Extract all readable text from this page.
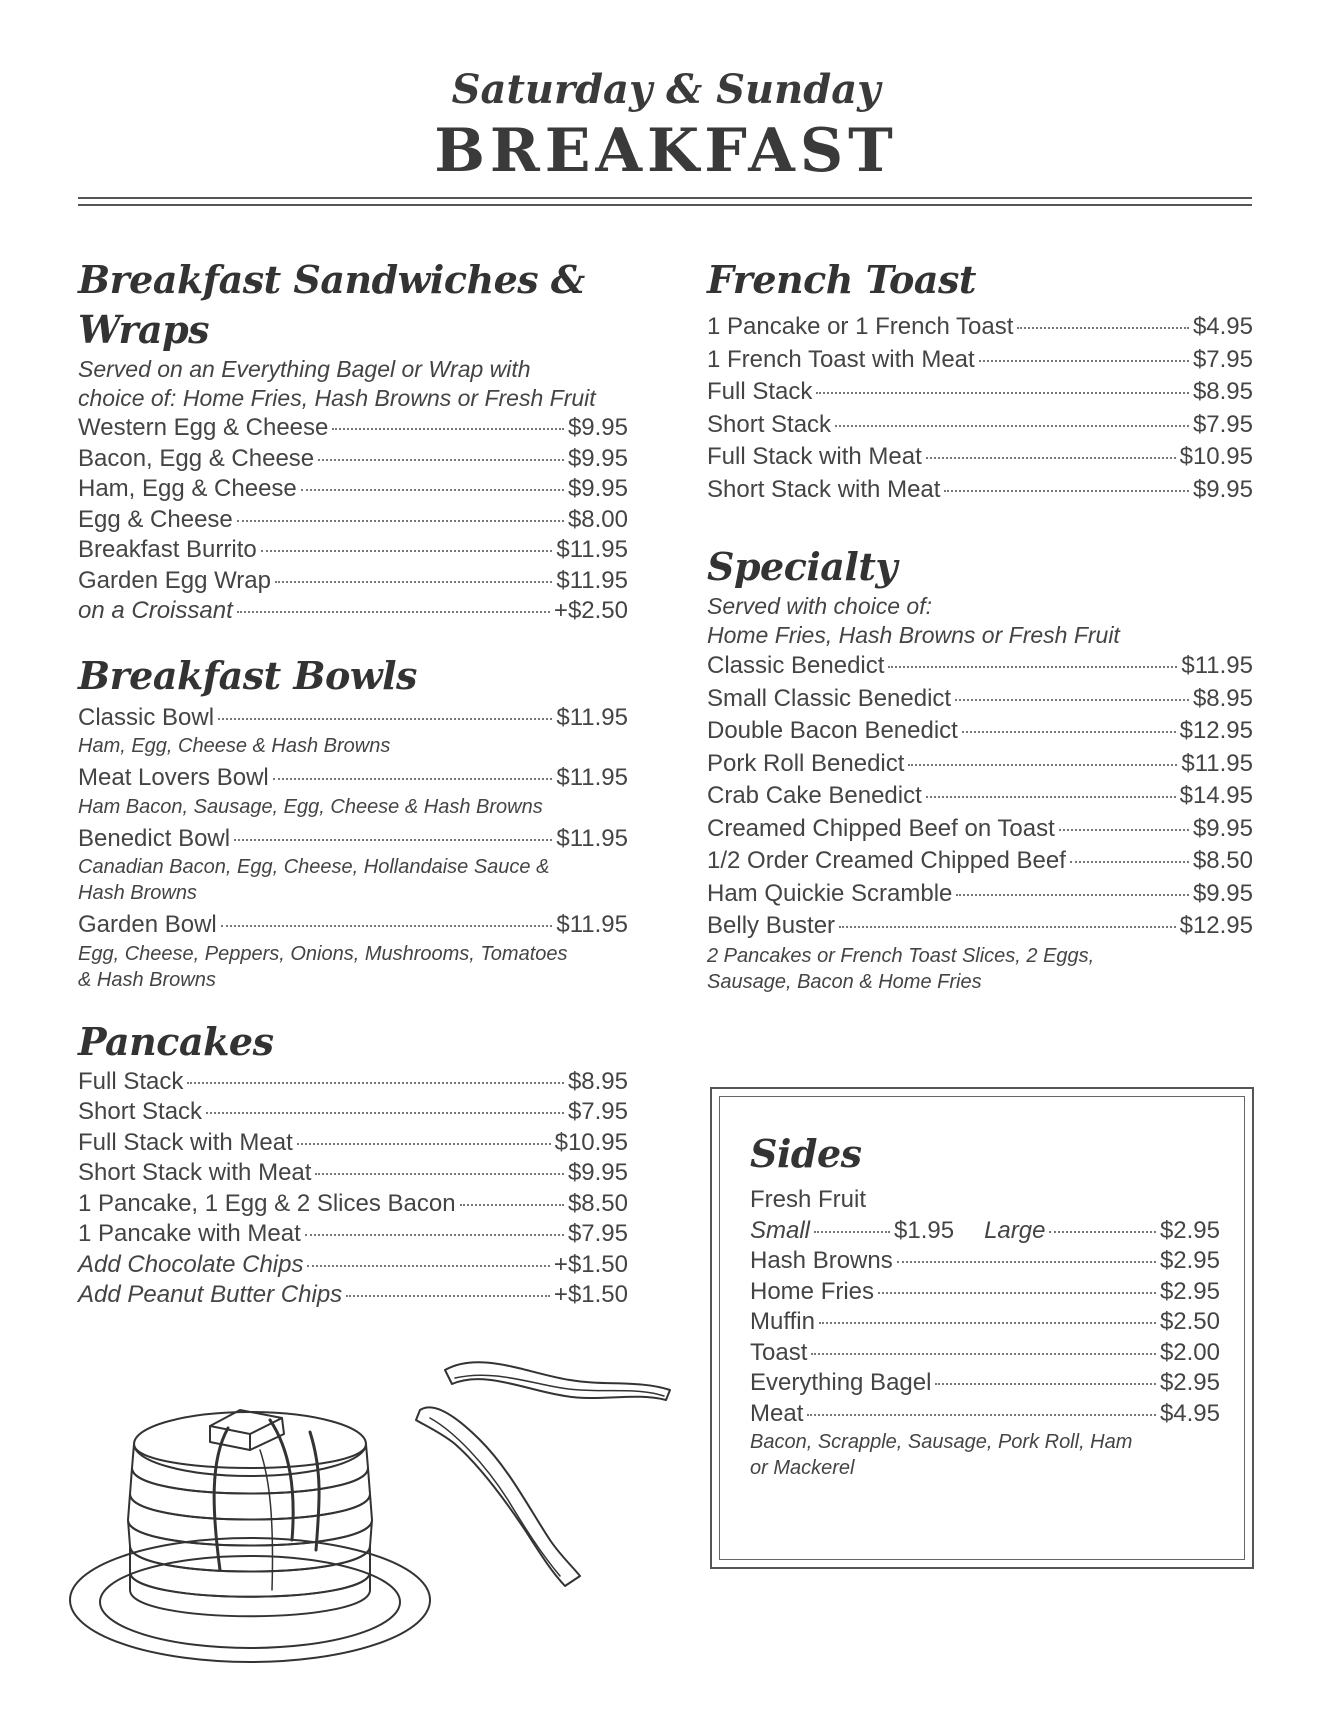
Saturday & Sunday
BREAKFAST
Breakfast Sandwiches & Wraps
Served on an Everything Bagel or Wrap with choice of: Home Fries, Hash Browns or Fresh Fruit
Western Egg & Cheese	$9.95
Bacon, Egg & Cheese	$9.95
Ham, Egg & Cheese	$9.95
Egg & Cheese	$8.00
Breakfast Burrito	$11.95
Garden Egg Wrap	$11.95
on a Croissant	+$2.50
Breakfast Bowls
Classic Bowl	$11.95
Ham, Egg, Cheese & Hash Browns
Meat Lovers Bowl	$11.95
Ham Bacon, Sausage, Egg, Cheese & Hash Browns
Benedict Bowl	$11.95
Canadian Bacon, Egg, Cheese, Hollandaise Sauce & Hash Browns
Garden Bowl	$11.95
Egg, Cheese, Peppers, Onions, Mushrooms, Tomatoes & Hash Browns
Pancakes
Full Stack	$8.95
Short Stack	$7.95
Full Stack with Meat	$10.95
Short Stack with Meat	$9.95
1 Pancake, 1 Egg & 2 Slices Bacon	$8.50
1 Pancake with Meat	$7.95
Add Chocolate Chips	+$1.50
Add Peanut Butter Chips	+$1.50
French Toast
1 Pancake or 1 French Toast	$4.95
1 French Toast with Meat	$7.95
Full Stack	$8.95
Short Stack	$7.95
Full Stack with Meat	$10.95
Short Stack with Meat	$9.95
Specialty
Served with choice of:
Home Fries, Hash Browns or Fresh Fruit
Classic Benedict	$11.95
Small Classic Benedict	$8.95
Double Bacon Benedict	$12.95
Pork Roll Benedict	$11.95
Crab Cake Benedict	$14.95
Creamed Chipped Beef on Toast	$9.95
1/2 Order Creamed Chipped Beef	$8.50
Ham Quickie Scramble	$9.95
Belly Buster	$12.95
2 Pancakes or French Toast Slices, 2 Eggs, Sausage, Bacon & Home Fries
Sides
Fresh Fruit
Small	$1.95 Large	$2.95
Hash Browns	$2.95
Home Fries	$2.95
Muffin	$2.50
Toast	$2.00
Everything Bagel	$2.95
Meat	$4.95
Bacon, Scrapple, Sausage, Pork Roll, Ham or Mackerel
